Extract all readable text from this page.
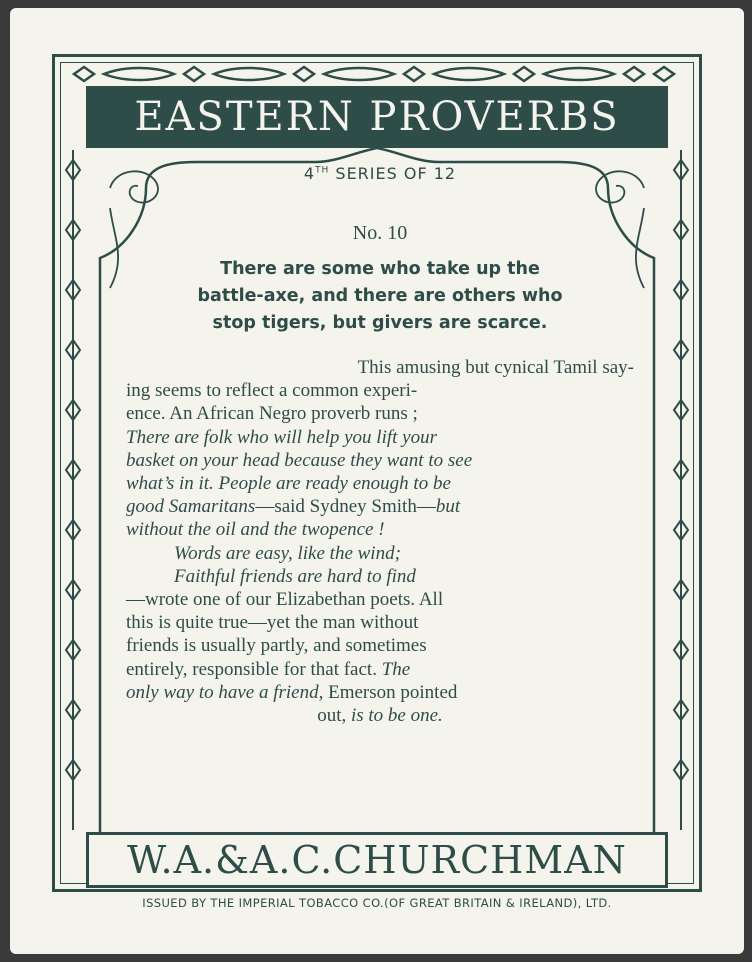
EASTERN PROVERBS
4TH SERIES OF 12
No. 10
There are some who take up the
battle-axe, and there are others who
stop tigers, but givers are scarce.
This amusing but cynical Tamil say-
ing seems to reflect a common experi-
ence. An African Negro proverb runs ;
There are folk who will help you lift your
basket on your head because they want to see
what’s in it. People are ready enough to be
good Samaritans—said Sydney Smith—but
without the oil and the twopence !
Words are easy, like the wind;
Faithful friends are hard to find
—wrote one of our Elizabethan poets. All
this is quite true—yet the man without
friends is usually partly, and sometimes
entirely, responsible for that fact. The
only way to have a friend, Emerson pointed
out, is to be one.
W.A.&A.C.CHURCHMAN
ISSUED BY THE IMPERIAL TOBACCO CO.(OF GREAT BRITAIN & IRELAND), LTD.
